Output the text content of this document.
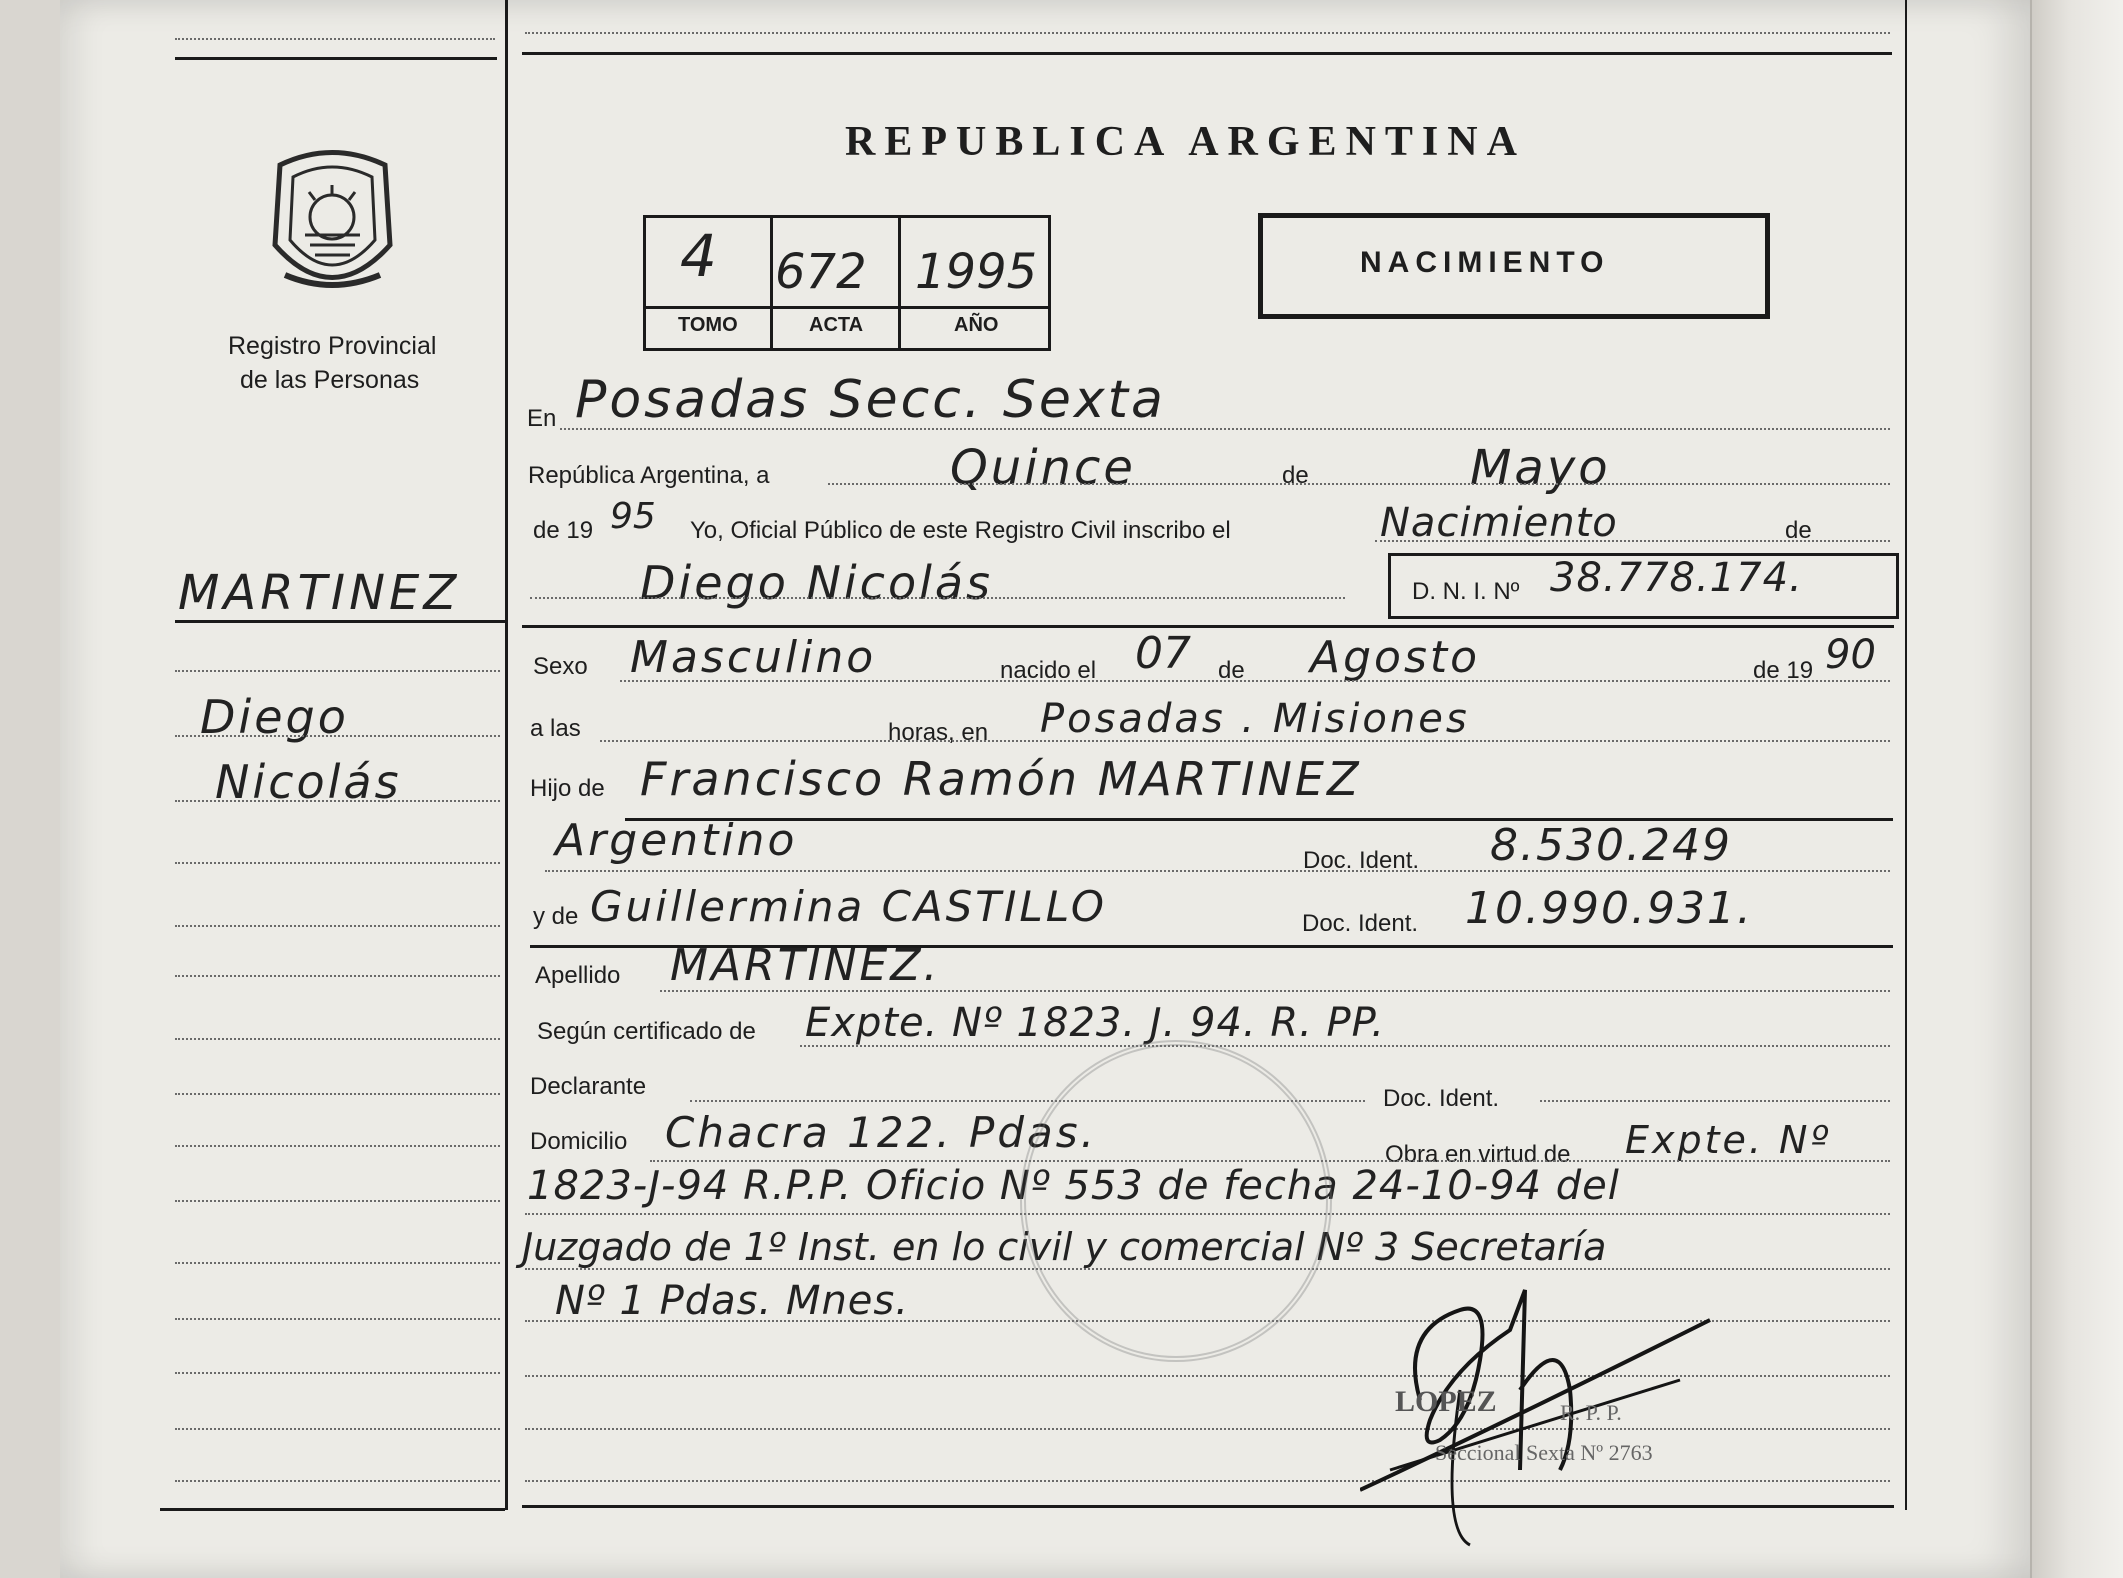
Registro Provincial
de las Personas
REPUBLICA ARGENTINA
4 672 1995
TOMO	ACTA	AÑO
NACIMIENTO
MARTINEZ
Diego
Nicolás
En Posadas Secc. Sexta
República Argentina, a	Quince	de	Mayo
de 19 95 Yo, Oficial Público de este Registro Civil inscribo el	Nacimiento	de
Diego Nicolás	D. N. I. Nº 38.778.174.
Sexo Masculino	nacido el 07 de Agosto	de 19 90
a las	horas, en Posadas . Misiones
Hijo de Francisco Ramón MARTINEZ
Argentino	Doc. Ident. 8.530.249
y de Guillermina CASTILLO	Doc. Ident. 10.990.931.
Apellido MARTINEZ.
Según certificado de Expte. Nº 1823. J. 94. R. PP.
Declarante	Doc. Ident.
Domicilio Chacra 122. Pdas.	Obra en virtud de Expte. Nº
1823-J-94 R.P.P. Oficio Nº 553 de fecha 24-10-94 del
Juzgado de 1º Inst. en lo civil y comercial Nº 3 Secretaría
Nº 1 Pdas. Mnes.
LOPEZ	R. P. P.
Seccional Sexta Nº 2763
